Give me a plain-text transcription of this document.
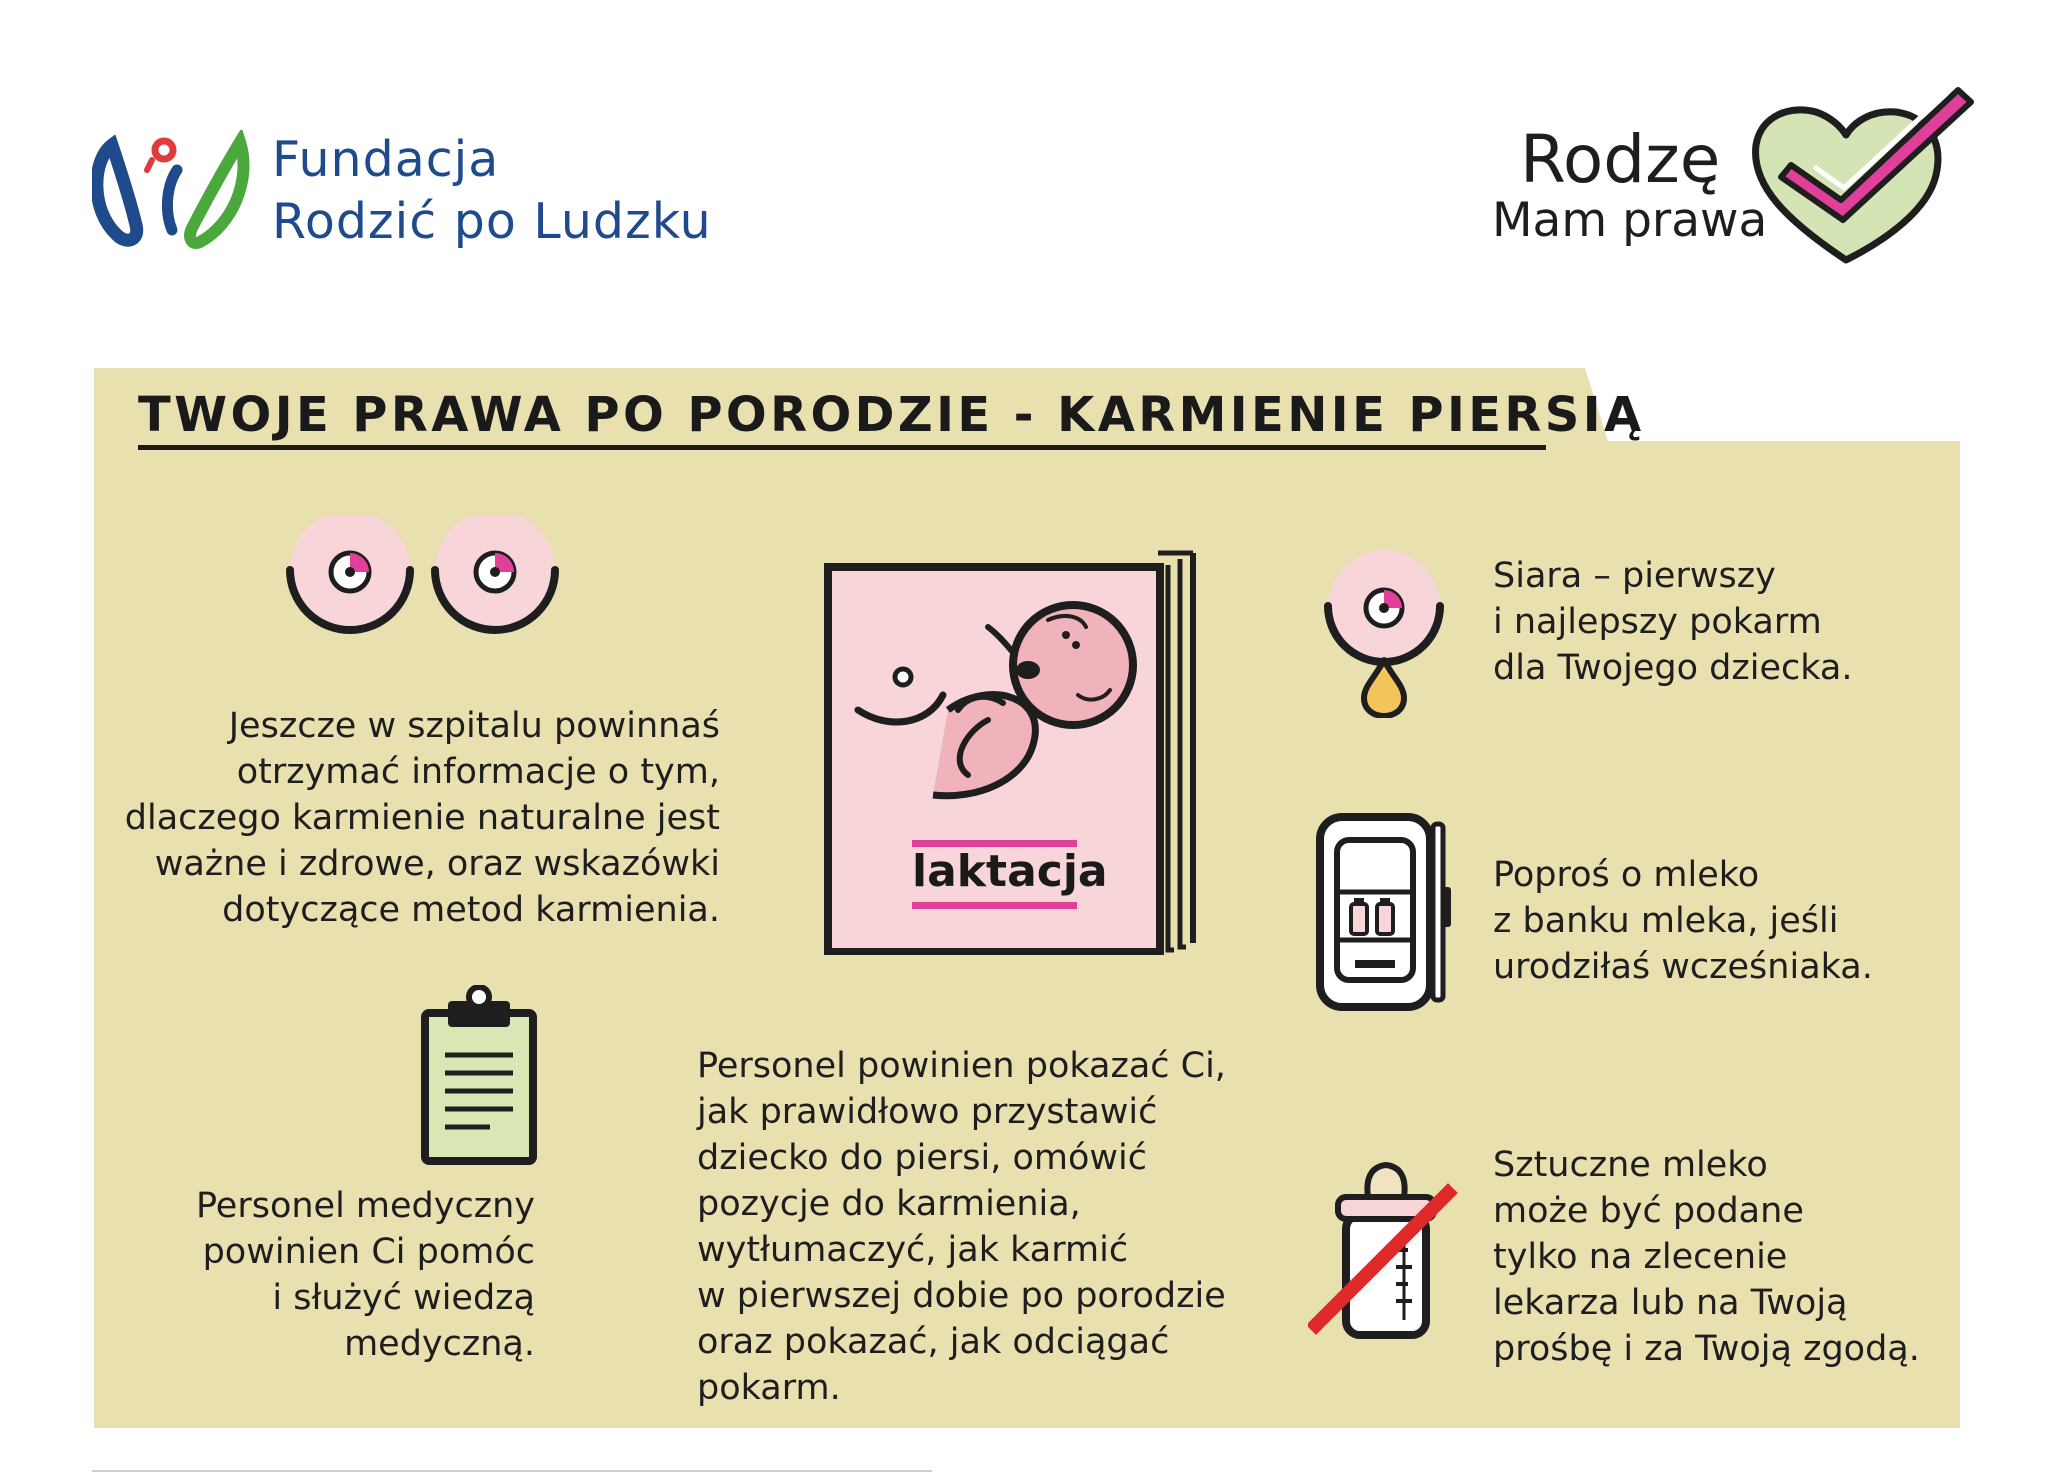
Fundacja
Rodzić po Ludzku
Rodzę
Mam prawa
TWOJE PRAWA PO PORODZIE - KARMIENIE PIERSIĄ
Jeszcze w szpitalu powinnaś
otrzymać informacje o tym,
dlaczego karmienie naturalne jest
ważne i zdrowe, oraz wskazówki
dotyczące metod karmienia.
laktacja
Personel medyczny
powinien Ci pomóc
i służyć wiedzą
medyczną.
Personel powinien pokazać Ci,
jak prawidłowo przystawić
dziecko do piersi, omówić
pozycje do karmienia,
wytłumaczyć, jak karmić
w pierwszej dobie po porodzie
oraz pokazać, jak odciągać
pokarm.
Siara – pierwszy
i najlepszy pokarm
dla Twojego dziecka.
Poproś o mleko
z banku mleka, jeśli
urodziłaś wcześniaka.
Sztuczne mleko
może być podane
tylko na zlecenie
lekarza lub na Twoją
prośbę i za Twoją zgodą.
